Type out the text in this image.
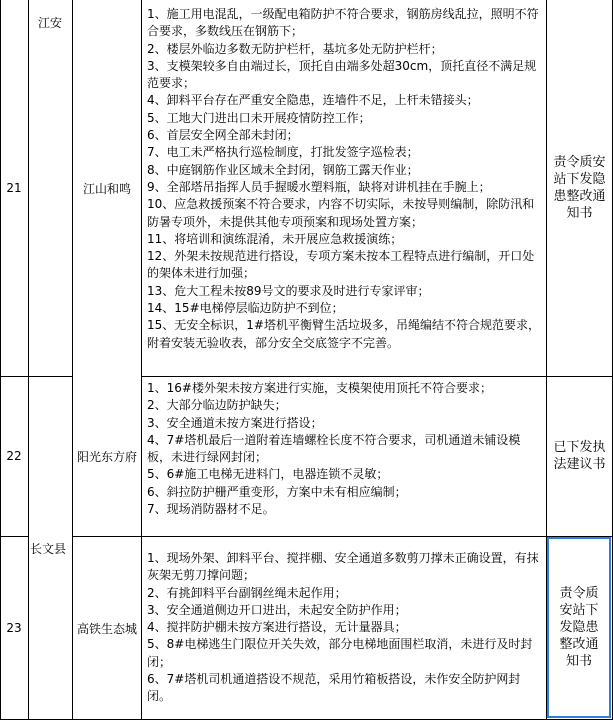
21
江安
江山和鸣
1、施工用电混乱，一级配电箱防护不符合要求，钢筋房线乱拉，照明不符合要求，多数线压在钢筋下；
2、楼层外临边多数无防护栏杆，基坑多处无防护栏杆；
3、支模架较多自由端过长，顶托自由端多处超30cm，顶托直径不满足规范要求；
4、卸料平台存在严重安全隐患，连墙件不足，上杆未错接头；
5、工地大门进出口未开展疫情防控工作；
6、首层安全网全部未封闭；
7、电工未严格执行巡检制度，打批发签字巡检表；
8、中庭钢筋作业区域未全封闭，钢筋工露天作业；
9、全部塔吊指挥人员手握暖水塑料瓶，缺将对讲机挂在手腕上；
10、应急救援预案不符合要求，内容不切实际，未按导则编制，除防汛和防暑专项外，未提供其他专项预案和现场处置方案；
11、将培训和演练混淆，未开展应急救援演练；
12、外架未按规范进行搭设，专项方案未按本工程特点进行编制，开口处的架体未进行加强；
13、危大工程未按89号文的要求及时进行专家评审；
14、15#电梯停层临边防护不到位；
15、无安全标识，1#塔机平衡臂生活垃圾多，吊绳编结不符合规范要求，附着安装无验收表，部分安全交底签字不完善。
责令质安站下发隐患整改通知书
22	阳光东方府
1、16#楼外架未按方案进行实施，支模架使用顶托不符合要求；
2、大部分临边防护缺失；
3、安全通道未按方案进行搭设；
4、7#塔机最后一道附着连墙螺栓长度不符合要求，司机通道未铺设模板，未进行绿网封闭；
5、6#施工电梯无进料门，电器连锁不灵敏；
6、斜拉防护栅严重变形，方案中未有相应编制；
7、现场消防器材不足。
已下发执法建议书
23
长文县
高铁生态城
1、现场外架、卸料平台、搅拌棚、安全通道多数剪刀撑未正确设置，有抹灰架无剪刀撑问题；
2、有挑卸料平台副钢丝绳未起作用；
3、安全通道侧边开口进出，未起安全防护作用；
4、搅拌防护棚未按方案进行搭设，无计量器具；
5、8#电梯逃生门限位开关失效，部分电梯地面围栏取消，未进行及时封闭；
6、7#塔机司机通道搭设不规范，采用竹箱板搭设，未作安全防护网封闭。
责令质安站下发隐患整改通知书
